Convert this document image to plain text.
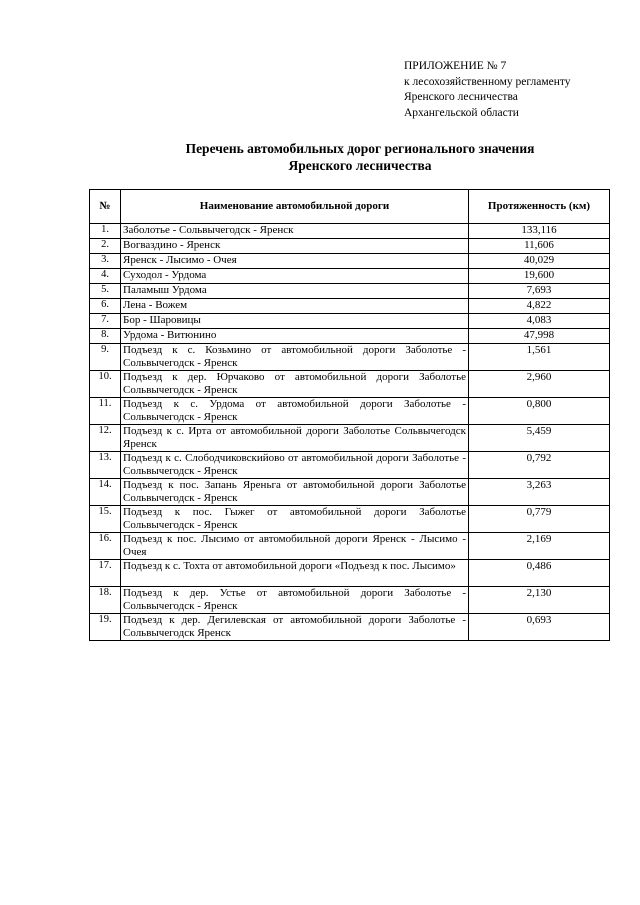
ПРИЛОЖЕНИЕ № 7
к лесохозяйственному регламенту
Яренского лесничества
Архангельской области
Перечень автомобильных дорог регионального значения
Яренского лесничества
№	Наименование автомобильной дороги	Протяженность (км)
1.	Заболотье - Сольвычегодск - Яренск	133,116
2.	Вогваздино - Яренск	11,606
3.	Яренск - Лысимо - Очея	40,029
4.	Суходол - Урдома	19,600
5.	Паламыш Урдома	7,693
6.	Лена - Вожем	4,822
7.	Бор - Шаровицы	4,083
8.	Урдома - Витюнино	47,998
9.	Подъезд к с. Козьмино от автомобильной дороги Заболотье - Сольвычегодск - Яренск	1,561
10.	Подъезд к дер. Юрчаково от автомобильной дороги Заболотье Сольвычегодск - Яренск	2,960
11.	Подъезд к с. Урдома от автомобильной дороги Заболотье - Сольвычегодск - Яренск	0,800
12.	Подъезд к с. Ирта от автомобильной дороги Заболотье Сольвычегодск Яренск	5,459
13.	Подъезд к с. Слободчиковскийово от автомобильной дороги Заболотье - Сольвычегодск - Яренск	0,792
14.	Подъезд к пос. Запань Яреньга от автомобильной дороги Заболотье Сольвычегодск - Яренск	3,263
15.	Подъезд к пос. Гыжег от автомобильной дороги Заболотье Сольвычегодск - Яренск	0,779
16.	Подъезд к пос. Лысимо от автомобильной дороги Яренск - Лысимо - Очея	2,169
17.	Подъезд к с. Тохта от автомобильной дороги «Подъезд к пос. Лысимо»	0,486
18.	Подъезд к дер. Устье от автомобильной дороги Заболотье - Сольвычегодск - Яренск	2,130
19.	Подъезд к дер. Дегилевская от автомобильной дороги Заболотье - Сольвычегодск Яренск	0,693
